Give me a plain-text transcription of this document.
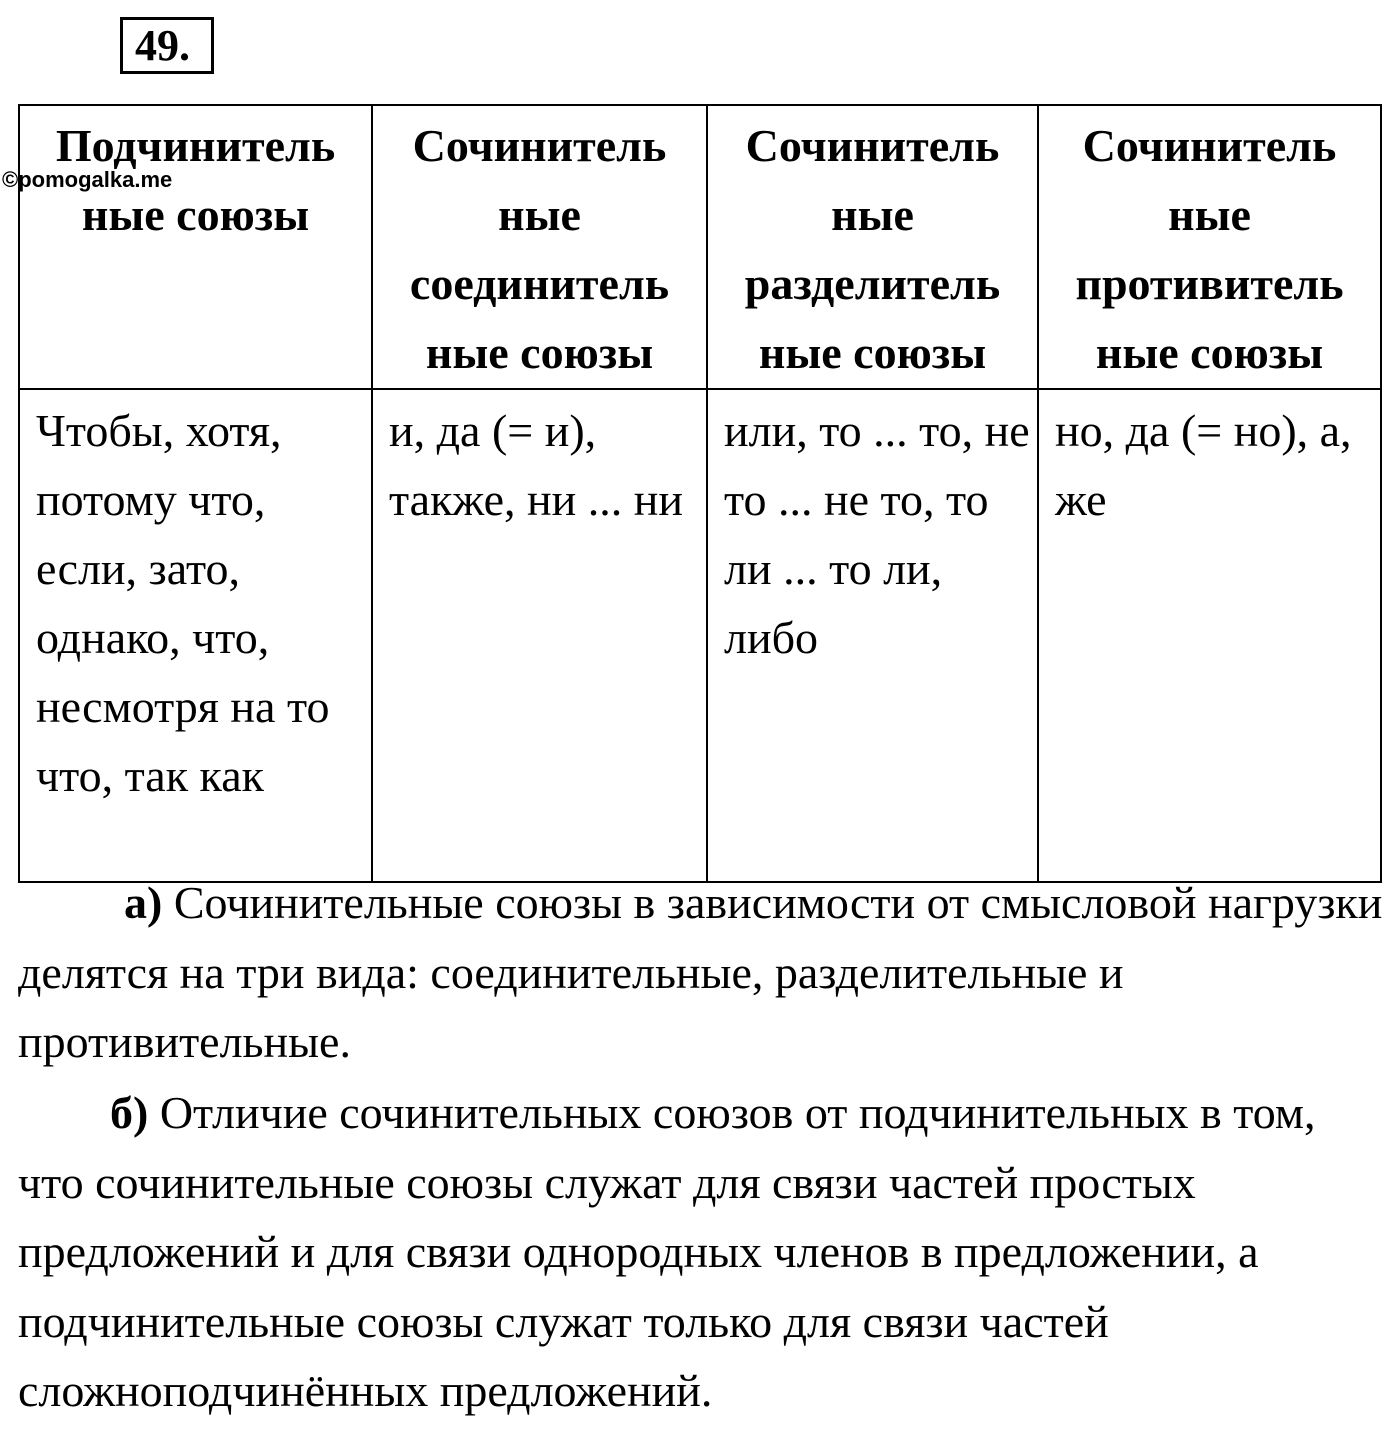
49.
Подчинитель ные союзы	Сочинитель ные соединитель ные союзы	Сочинитель ные разделитель ные союзы	Сочинитель ные противитель ные союзы

Чтобы, хотя, потому что, если, зато, однако, что, несмотря на то что, так как	и, да (= и), также, ни ... ни	или, то ... то, не то ... не то, то ли ... то ли, либо	но, да (= но), а, же
©pomogalka.me
а) Сочинительные союзы в зависимости от смысловой нагрузки делятся на три вида: соединительные, разделительные и противительные.
б) Отличие сочинительных союзов от подчинительных в том, что сочинительные союзы служат для связи частей простых предложений и для связи однородных членов в предложении, а подчинительные союзы служат только для связи частей сложноподчинённых предложений.
